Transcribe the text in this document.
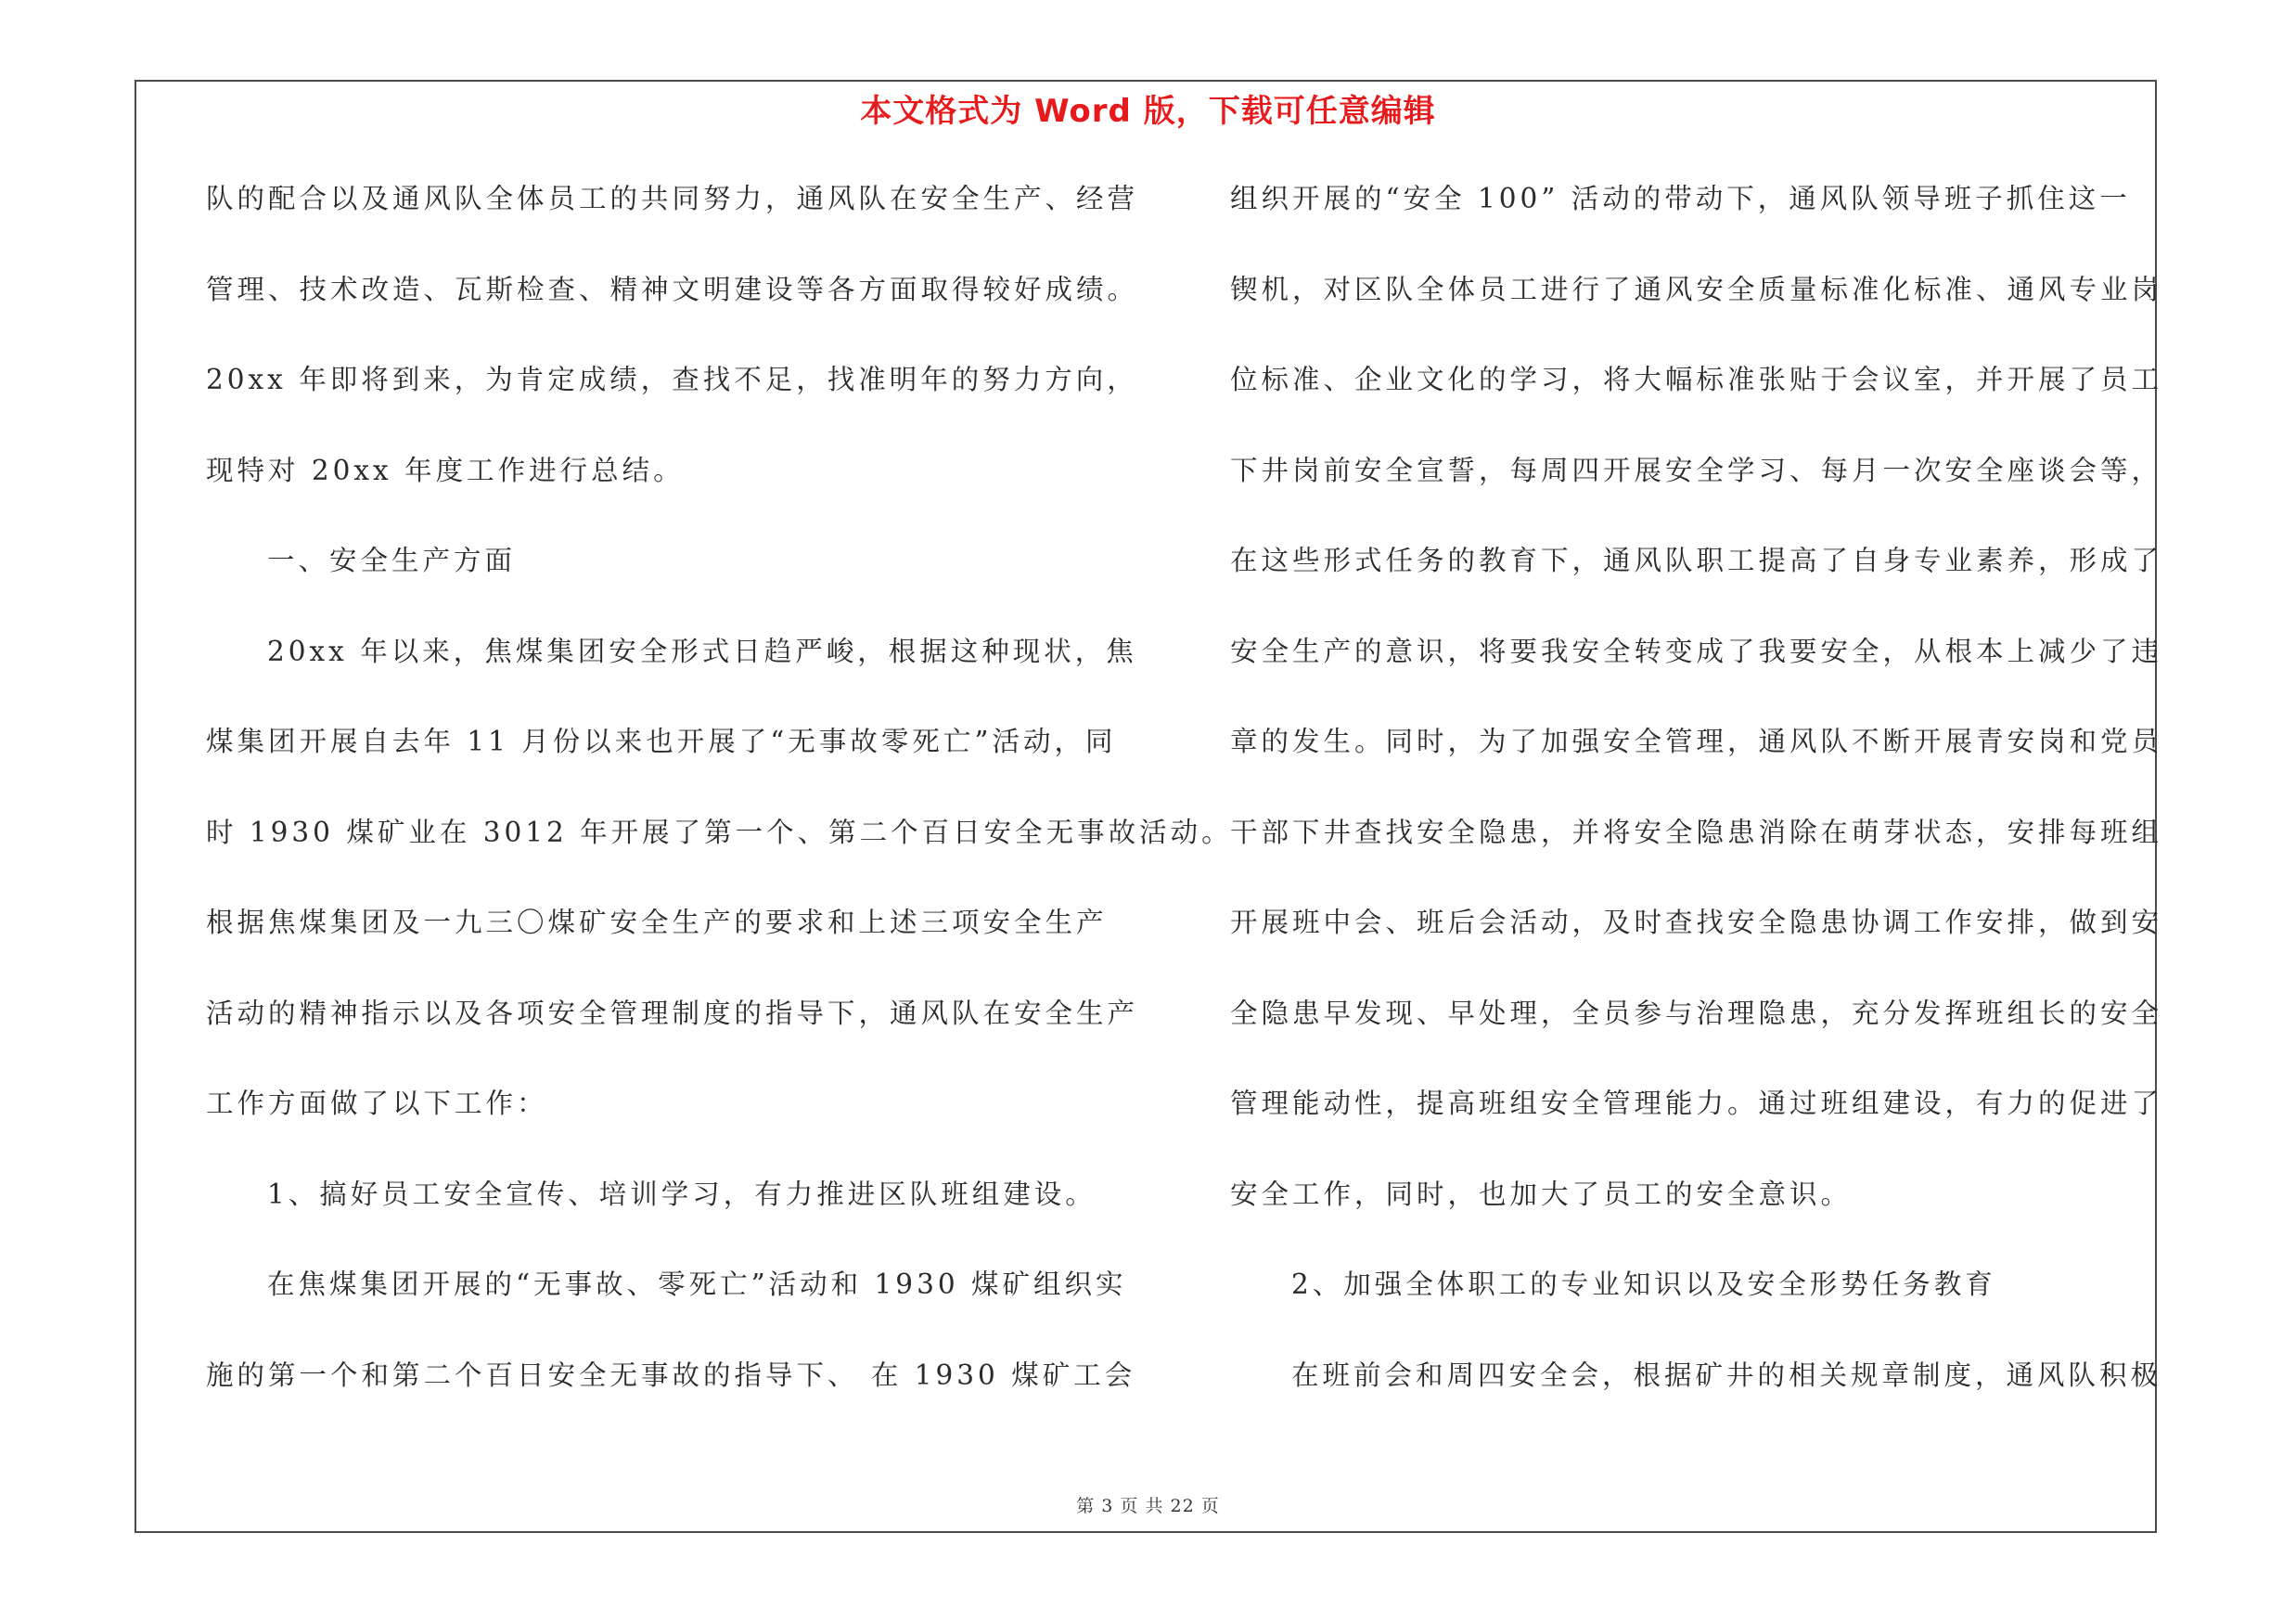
本文格式为 Word 版，下载可任意编辑
队的配合以及通风队全体员工的共同努力，通风队在安全生产、经营
管理、技术改造、瓦斯检查、精神文明建设等各方面取得较好成绩。
20xx 年即将到来，为肯定成绩，查找不足，找准明年的努力方向，
现特对 20xx 年度工作进行总结。
一、安全生产方面
20xx 年以来，焦煤集团安全形式日趋严峻，根据这种现状，焦
煤集团开展自去年 11 月份以来也开展了“无事故零死亡”活动，同
时 1930 煤矿业在 3012 年开展了第一个、第二个百日安全无事故活动。
根据焦煤集团及一九三〇煤矿安全生产的要求和上述三项安全生产
活动的精神指示以及各项安全管理制度的指导下，通风队在安全生产
工作方面做了以下工作：
1、搞好员工安全宣传、培训学习，有力推进区队班组建设。
在焦煤集团开展的“无事故、零死亡”活动和 1930 煤矿组织实
施的第一个和第二个百日安全无事故的指导下、 在 1930 煤矿工会
组织开展的“安全 100” 活动的带动下，通风队领导班子抓住这一
锲机，对区队全体员工进行了通风安全质量标准化标准、通风专业岗
位标准、企业文化的学习，将大幅标准张贴于会议室，并开展了员工
下井岗前安全宣誓，每周四开展安全学习、每月一次安全座谈会等，
在这些形式任务的教育下，通风队职工提高了自身专业素养，形成了
安全生产的意识，将要我安全转变成了我要安全，从根本上减少了违
章的发生。同时，为了加强安全管理，通风队不断开展青安岗和党员
干部下井查找安全隐患，并将安全隐患消除在萌芽状态，安排每班组
开展班中会、班后会活动，及时查找安全隐患协调工作安排，做到安
全隐患早发现、早处理，全员参与治理隐患，充分发挥班组长的安全
管理能动性，提高班组安全管理能力。通过班组建设，有力的促进了
安全工作，同时，也加大了员工的安全意识。
2、加强全体职工的专业知识以及安全形势任务教育
在班前会和周四安全会，根据矿井的相关规章制度，通风队积极
第 3 页 共 22 页
